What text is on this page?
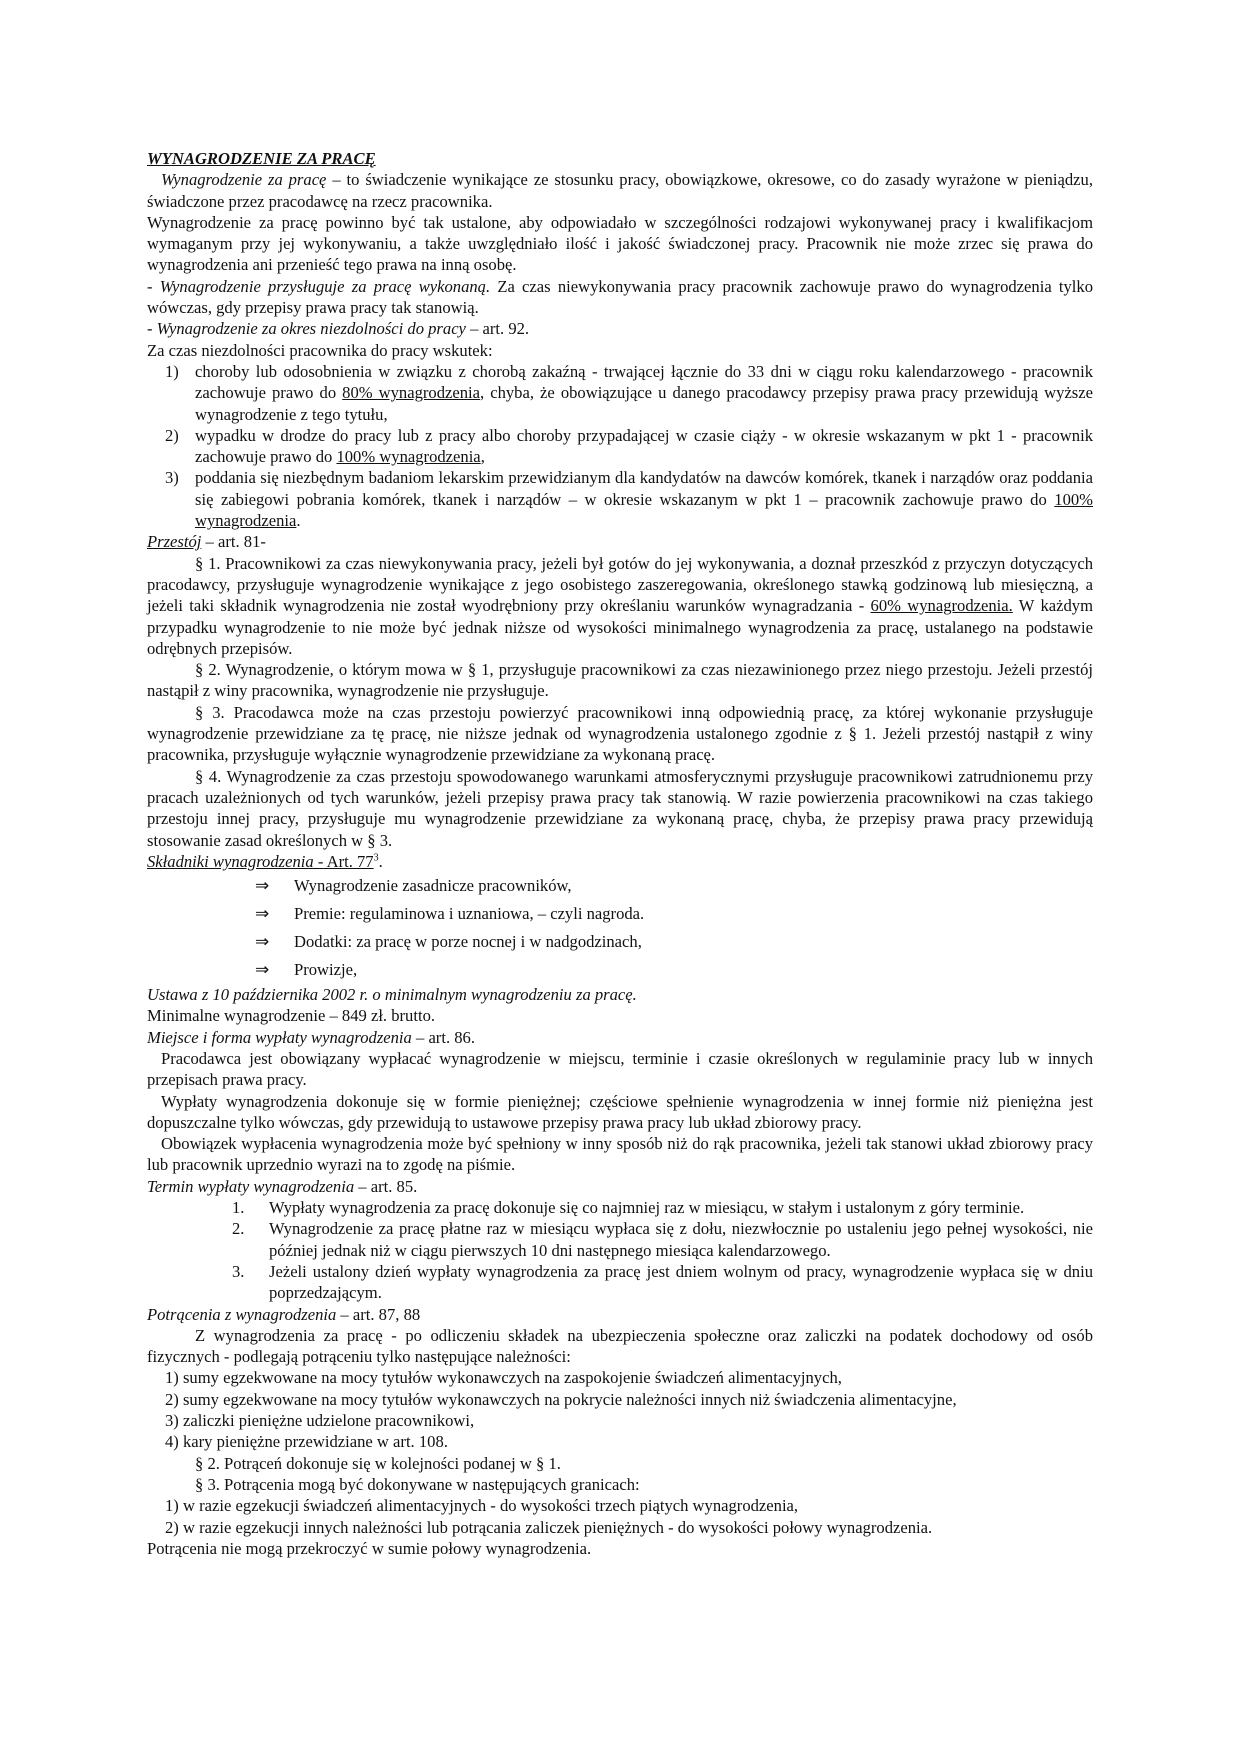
WYNAGRODZENIE ZA PRACĘ

Wynagrodzenie za pracę – to świadczenie wynikające ze stosunku pracy, obowiązkowe, okresowe, co do zasady wyrażone w pieniądzu, świadczone przez pracodawcę na rzecz pracownika.

Wynagrodzenie za pracę powinno być tak ustalone, aby odpowiadało w szczególności rodzajowi wykonywanej pracy i kwalifikacjom wymaganym przy jej wykonywaniu, a także uwzględniało ilość i jakość świadczonej pracy. Pracownik nie może zrzec się prawa do wynagrodzenia ani przenieść tego prawa na inną osobę.

- Wynagrodzenie przysługuje za pracę wykonaną. Za czas niewykonywania pracy pracownik zachowuje prawo do wynagrodzenia tylko wówczas, gdy przepisy prawa pracy tak stanowią.

- Wynagrodzenie za okres niezdolności do pracy – art. 92.

Za czas niezdolności pracownika do pracy wskutek:

1) choroby lub odosobnienia w związku z chorobą zakaźną - trwającej łącznie do 33 dni w ciągu roku kalendarzowego - pracownik zachowuje prawo do 80% wynagrodzenia, chyba, że obowiązujące u danego pracodawcy przepisy prawa pracy przewidują wyższe wynagrodzenie z tego tytułu,
2) wypadku w drodze do pracy lub z pracy albo choroby przypadającej w czasie ciąży - w okresie wskazanym w pkt 1 - pracownik zachowuje prawo do 100% wynagrodzenia,
3) poddania się niezbędnym badaniom lekarskim przewidzianym dla kandydatów na dawców komórek, tkanek i narządów oraz poddania się zabiegowi pobrania komórek, tkanek i narządów – w okresie wskazanym w pkt 1 – pracownik zachowuje prawo do 100% wynagrodzenia.

Przestój – art. 81-

§ 1. Pracownikowi za czas niewykonywania pracy, jeżeli był gotów do jej wykonywania, a doznał przeszkód z przyczyn dotyczących pracodawcy, przysługuje wynagrodzenie wynikające z jego osobistego zaszeregowania, określonego stawką godzinową lub miesięczną, a jeżeli taki składnik wynagrodzenia nie został wyodrębniony przy określaniu warunków wynagradzania - 60% wynagrodzenia. W każdym przypadku wynagrodzenie to nie może być jednak niższe od wysokości minimalnego wynagrodzenia za pracę, ustalanego na podstawie odrębnych przepisów.

§ 2. Wynagrodzenie, o którym mowa w § 1, przysługuje pracownikowi za czas niezawinionego przez niego przestoju. Jeżeli przestój nastąpił z winy pracownika, wynagrodzenie nie przysługuje.

§ 3. Pracodawca może na czas przestoju powierzyć pracownikowi inną odpowiednią pracę, za której wykonanie przysługuje wynagrodzenie przewidziane za tę pracę, nie niższe jednak od wynagrodzenia ustalonego zgodnie z § 1. Jeżeli przestój nastąpił z winy pracownika, przysługuje wyłącznie wynagrodzenie przewidziane za wykonaną pracę.

§ 4. Wynagrodzenie za czas przestoju spowodowanego warunkami atmosferycznymi przysługuje pracownikowi zatrudnionemu przy pracach uzależnionych od tych warunków, jeżeli przepisy prawa pracy tak stanowią. W razie powierzenia pracownikowi na czas takiego przestoju innej pracy, przysługuje mu wynagrodzenie przewidziane za wykonaną pracę, chyba, że przepisy prawa pracy przewidują stosowanie zasad określonych w § 3.

Składniki wynagrodzenia - Art. $77^3$.

⇒ Wynagrodzenie zasadnicze pracowników,
⇒ Premie: regulaminowa i uznaniowa, – czyli nagroda.
⇒ Dodatki: za pracę w porze nocnej i w nadgodzinach,
⇒ Prowizje,

Ustawa z 10 października 2002 r. o minimalnym wynagrodzeniu za pracę.

Minimalne wynagrodzenie – 849 zł. brutto.

Miejsce i forma wypłaty wynagrodzenia – art. 86.

Pracodawca jest obowiązany wypłacać wynagrodzenie w miejscu, terminie i czasie określonych w regulaminie pracy lub w innych przepisach prawa pracy.

Wypłaty wynagrodzenia dokonuje się w formie pieniężnej; częściowe spełnienie wynagrodzenia w innej formie niż pieniężna jest dopuszczalne tylko wówczas, gdy przewidują to ustawowe przepisy prawa pracy lub układ zbiorowy pracy.

Obowiązek wypłacenia wynagrodzenia może być spełniony w inny sposób niż do rąk pracownika, jeżeli tak stanowi układ zbiorowy pracy lub pracownik uprzednio wyrazi na to zgodę na piśmie.

Termin wypłaty wynagrodzenia – art. 85.

1. Wypłaty wynagrodzenia za pracę dokonuje się co najmniej raz w miesiącu, w stałym i ustalonym z góry terminie.
2. Wynagrodzenie za pracę płatne raz w miesiącu wypłaca się z dołu, niezwłocznie po ustaleniu jego pełnej wysokości, nie później jednak niż w ciągu pierwszych 10 dni następnego miesiąca kalendarzowego.
3. Jeżeli ustalony dzień wypłaty wynagrodzenia za pracę jest dniem wolnym od pracy, wynagrodzenie wypłaca się w dniu poprzedzającym.

Potrącenia z wynagrodzenia – art. 87, 88

Z wynagrodzenia za pracę - po odliczeniu składek na ubezpieczenia społeczne oraz zaliczki na podatek dochodowy od osób fizycznych - podlegają potrąceniu tylko następujące należności:

1) sumy egzekwowane na mocy tytułów wykonawczych na zaspokojenie świadczeń alimentacyjnych,
2) sumy egzekwowane na mocy tytułów wykonawczych na pokrycie należności innych niż świadczenia alimentacyjne,
3) zaliczki pieniężne udzielone pracownikowi,
4) kary pieniężne przewidziane w art. 108.

§ 2. Potrąceń dokonuje się w kolejności podanej w § 1.

§ 3. Potrącenia mogą być dokonywane w następujących granicach:

1) w razie egzekucji świadczeń alimentacyjnych - do wysokości trzech piątych wynagrodzenia,
2) w razie egzekucji innych należności lub potrącania zaliczek pieniężnych - do wysokości połowy wynagrodzenia.

Potrącenia nie mogą przekroczyć w sumie połowy wynagrodzenia.
